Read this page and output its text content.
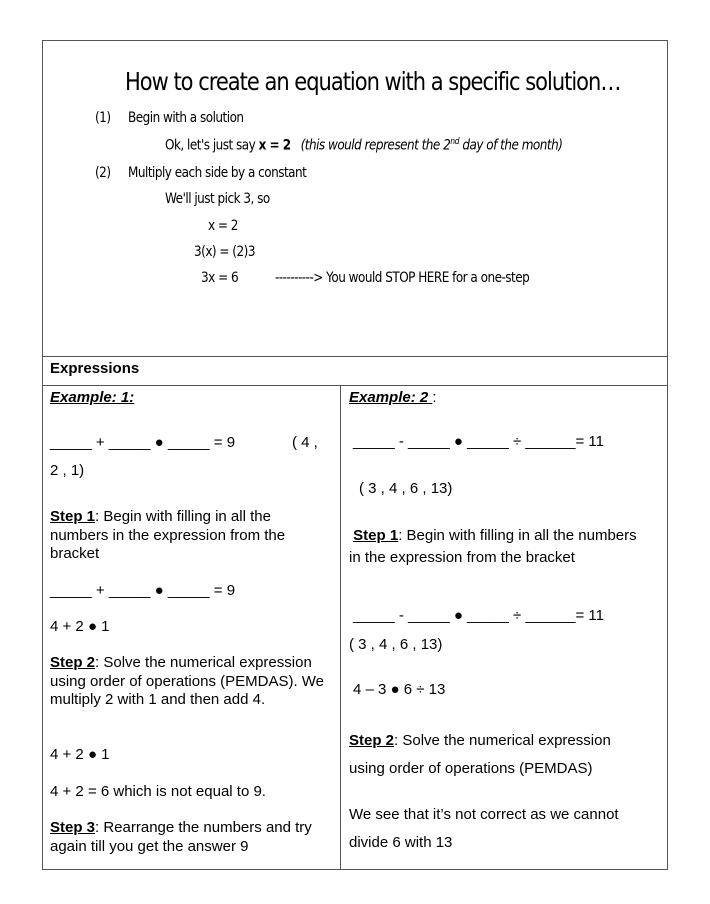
How to create an equation with a specific solution…
(1) Begin with a solution
Ok, let's just say x = 2 (this would represent the 2nd day of the month)
(2) Multiply each side by a constant
We'll just pick 3, so
x = 2
3(x) = (2)3
3x = 6	----------> You would STOP HERE for a one-step
Expressions
Example: 1:
_____ + _____ ● _____ = 9	( 4 ,
2 , 1)
Step 1: Begin with filling in all the numbers in the expression from the bracket
_____ + _____ ● _____ = 9
4 + 2 ● 1
Step 2: Solve the numerical expression using order of operations (PEMDAS). We multiply 2 with 1 and then add 4.
4 + 2 ● 1
4 + 2 = 6 which is not equal to 9.
Step 3: Rearrange the numbers and try again till you get the answer 9
Example: 2 :
_____ - _____ ● _____ ÷ ______= 11
( 3 , 4 , 6 , 13)
Step 1: Begin with filling in all the numbers in the expression from the bracket
_____ - _____ ● _____ ÷ ______= 11
( 3 , 4 , 6 , 13)
4 – 3 ● 6 ÷ 13
Step 2: Solve the numerical expression using order of operations (PEMDAS)
We see that it’s not correct as we cannot divide 6 with 13
